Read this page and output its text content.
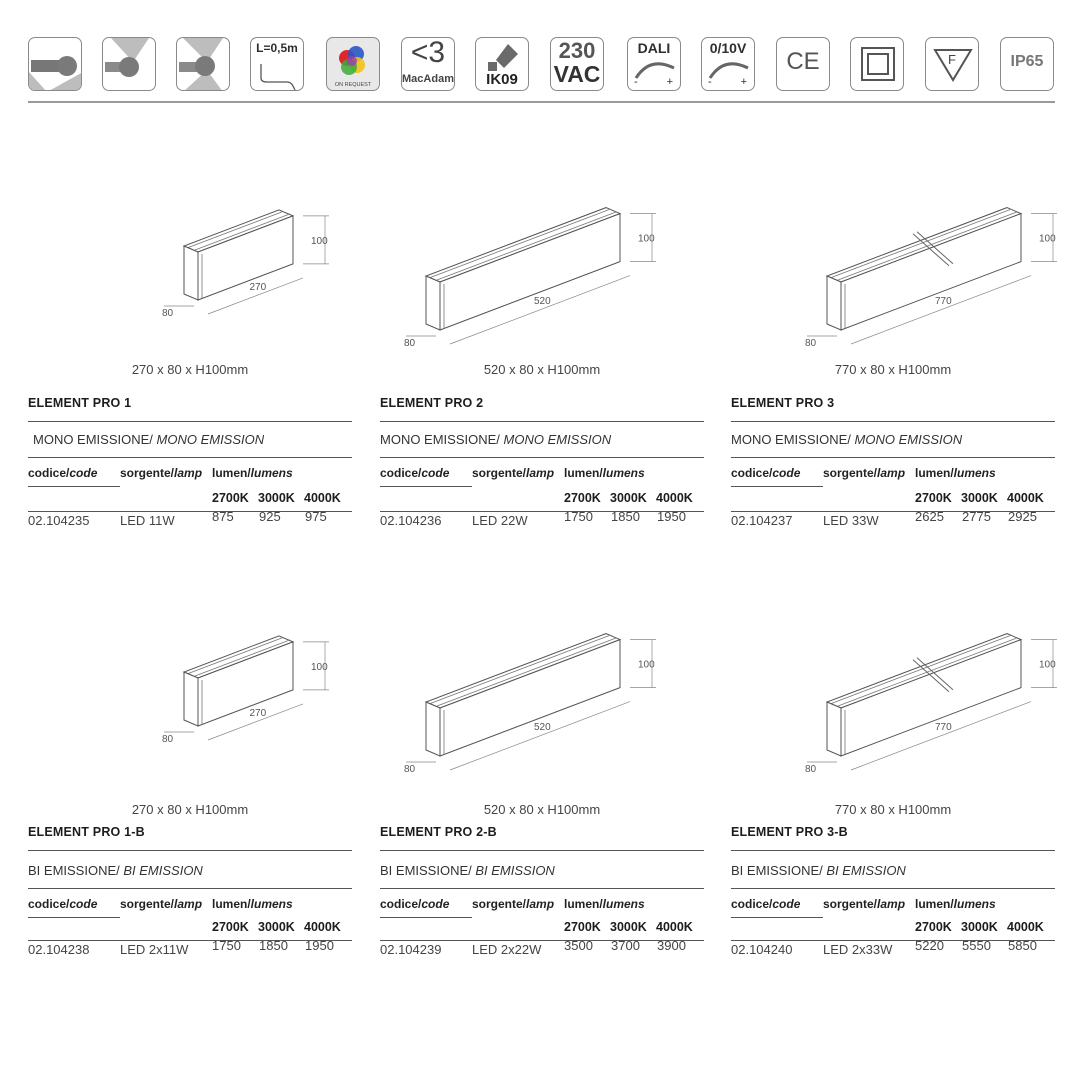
L=0,5m
ON REQUEST
<3
MacAdam	IK09
230
VAC
DALI
-	+
0/10V
-	+
CE	F	IP65
100
270
80
270 x 80 x H100mm
ELEMENT PRO 1
MONO EMISSIONE/ MONO EMISSION
codice/code sorgente/lamp lumen/lumens
2700K 3000K 4000K
02.104235 LED 11W	875 925 975
100
520
80
520 x 80 x H100mm
ELEMENT PRO 2
MONO EMISSIONE/ MONO EMISSION
codice/code sorgente/lamp lumen/lumens
2700K 3000K 4000K
02.104236 LED 22W	1750 1850 1950
100
770
80
770 x 80 x H100mm
ELEMENT PRO 3
MONO EMISSIONE/ MONO EMISSION
codice/code sorgente/lamp lumen/lumens
2700K 3000K 4000K
02.104237 LED 33W	2625 2775 2925
100
270
80
270 x 80 x H100mm
ELEMENT PRO 1-B
BI EMISSIONE/ BI EMISSION
codice/code sorgente/lamp lumen/lumens
2700K 3000K 4000K
02.104238 LED 2x11W 1750 1850 1950
100
520
80
520 x 80 x H100mm
ELEMENT PRO 2-B
BI EMISSIONE/ BI EMISSION
codice/code sorgente/lamp lumen/lumens
2700K 3000K 4000K
02.104239 LED 2x22W 3500 3700 3900
100
770
80
770 x 80 x H100mm
ELEMENT PRO 3-B
BI EMISSIONE/ BI EMISSION
codice/code sorgente/lamp lumen/lumens
2700K 3000K 4000K
02.104240 LED 2x33W 5220 5550 5850
